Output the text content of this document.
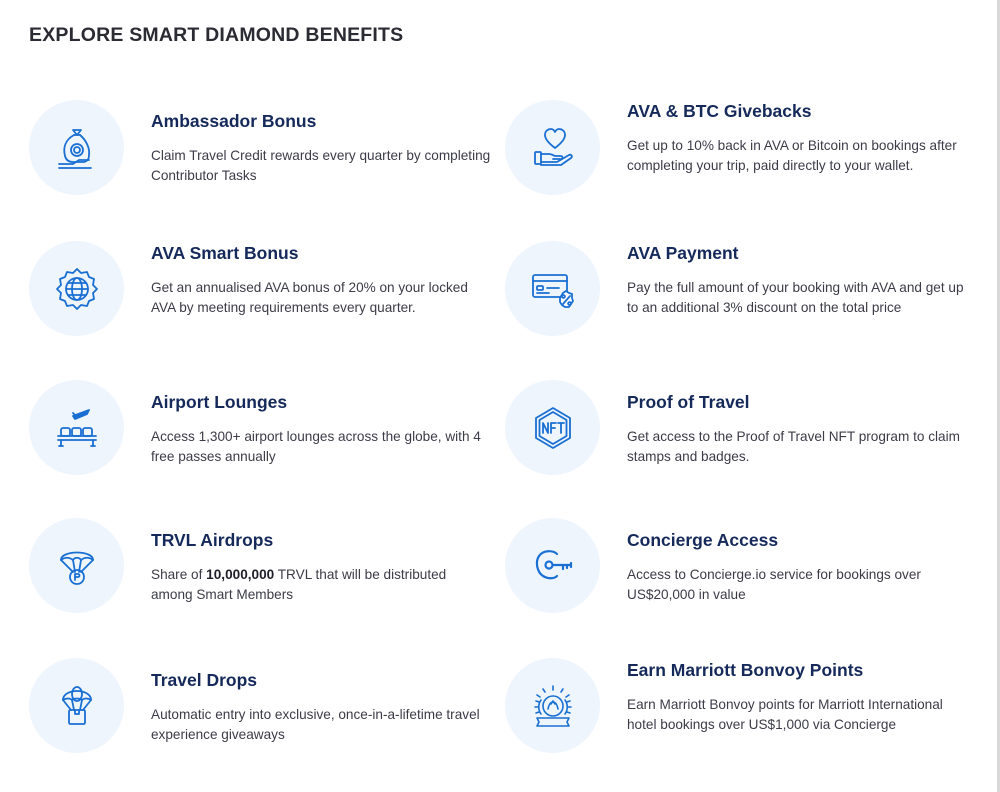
EXPLORE SMART DIAMOND BENEFITS
Ambassador Bonus

Claim Travel Credit rewards every quarter by completing Contributor Tasks

AVA Smart Bonus

Get an annualised AVA bonus of 20% on your locked AVA by meeting requirements every quarter.

Airport Lounges

Access 1,300+ airport lounges across the globe, with 4 free passes annually

TRVL Airdrops

Share of 10,000,000 TRVL that will be distributed among Smart Members

Travel Drops

Automatic entry into exclusive, once-in-a-lifetime travel experience giveaways

AVA & BTC Givebacks

Get up to 10% back in AVA or Bitcoin on bookings after completing your trip, paid directly to your wallet.

AVA Payment

Pay the full amount of your booking with AVA and get up to an additional 3% discount on the total price

Proof of Travel

Get access to the Proof of Travel NFT program to claim stamps and badges.

Concierge Access

Access to Concierge.io service for bookings over US$20,000 in value

Earn Marriott Bonvoy Points

Earn Marriott Bonvoy points for Marriott International hotel bookings over US$1,000 via Concierge
